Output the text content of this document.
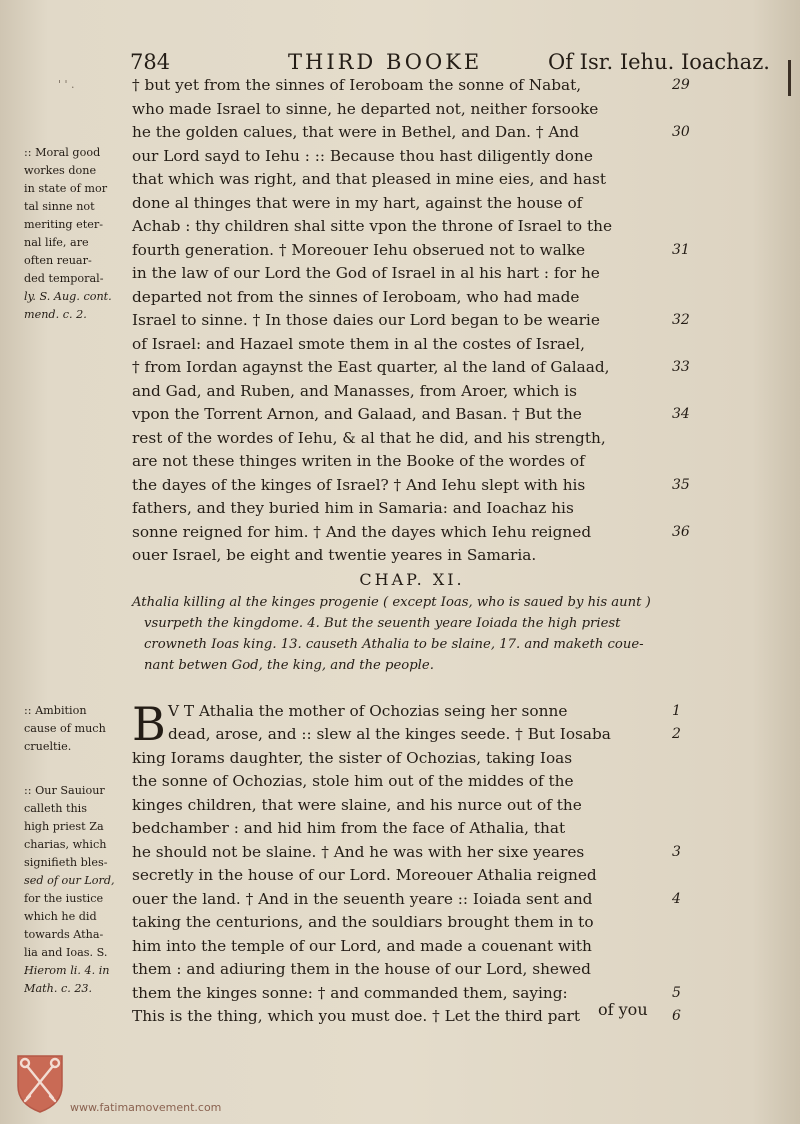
' ' .
784	THIRD BOOKE	Of Isr. Iehu. Ioachaz.
:: Moral good
workes done
in state of mor
tal sinne not
meriting eter-
nal life, are
often reuar-
ded temporal-
ly. S. Aug. cont.
mend. c. 2.
:: Ambition
cause of much
crueltie.
:: Our Sauiour
calleth this
high priest Za
charias, which
signifieth bles-
sed of our Lord,
for the iustice
which he did
towards Atha-
lia and Ioas. S.
Hierom li. 4. in
Math. c. 23.
† but yet from the sinnes of Ieroboam the sonne of Nabat,	29
who made Israel to sinne, he departed not, neither forsooke
he the golden calues, that were in Bethel, and Dan. † And	30
our Lord sayd to Iehu : :: Because thou hast diligently done
that which was right, and that pleased in mine eies, and hast
done al thinges that were in my hart, against the house of
Achab : thy children shal sitte vpon the throne of Israel to the
fourth generation. † Moreouer Iehu obserued not to walke	31
in the law of our Lord the God of Israel in al his hart : for he
departed not from the sinnes of Ieroboam, who had made
Israel to sinne. † In those daies our Lord began to be wearie	32
of Israel: and Hazael smote them in al the costes of Israel,
† from Iordan agaynst the East quarter, al the land of Galaad,	33
and Gad, and Ruben, and Manasses, from Aroer, which is
vpon the Torrent Arnon, and Galaad, and Basan. † But the	34
rest of the wordes of Iehu, & al that he did, and his strength,
are not these thinges writen in the Booke of the wordes of
the dayes of the kinges of Israel? † And Iehu slept with his	35
fathers, and they buried him in Samaria: and Ioachaz his
sonne reigned for him. † And the dayes which Iehu reigned	36
ouer Israel, be eight and twentie yeares in Samaria.
CHAP. XI.
Athalia killing al the kinges progenie ( except Ioas, who is saued by his aunt )
vsurpeth the kingdome. 4. But the seuenth yeare Ioiada the high priest
crowneth Ioas king. 13. causeth Athalia to be slaine, 17. and maketh coue-
nant betwen God, the king, and the people.
B V T Athalia the mother of Ochozias seing her sonne	1
dead, arose, and :: slew al the kinges seede. † But Iosaba	2
king Iorams daughter, the sister of Ochozias, taking Ioas
the sonne of Ochozias, stole him out of the middes of the
kinges children, that were slaine, and his nurce out of the
bedchamber : and hid him from the face of Athalia, that
he should not be slaine. † And he was with her sixe yeares	3
secretly in the house of our Lord. Moreouer Athalia reigned
ouer the land. † And in the seuenth yeare :: Ioiada sent and	4
taking the centurions, and the souldiars brought them in to
him into the temple of our Lord, and made a couenant with
them : and adiuring them in the house of our Lord, shewed
them the kinges sonne: † and commanded them, saying:	5
This is the thing, which you must doe. † Let the third part	6
of you
www.fatimamovement.com
